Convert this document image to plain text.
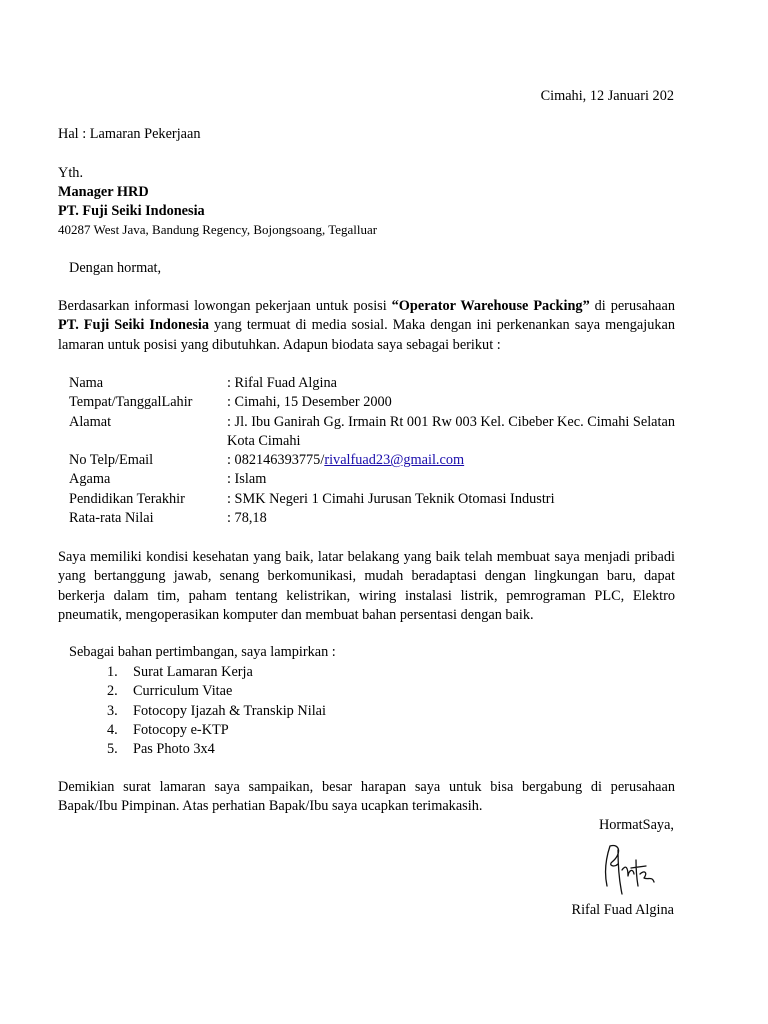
Cimahi, 12 Januari 202

Hal : Lamaran Pekerjaan

Yth.

Manager HRD

PT. Fuji Seiki Indonesia

40287 West Java, Bandung Regency, Bojongsoang, Tegalluar

Dengan hormat,

Berdasarkan informasi lowongan pekerjaan untuk posisi “Operator Warehouse Packing” di perusahaan PT. Fuji Seiki Indonesia yang termuat di media sosial. Maka dengan ini perkenankan saya mengajukan lamaran untuk posisi yang dibutuhkan. Adapun biodata saya sebagai berikut :

Nama	: Rifal Fuad Algina
Tempat/TanggalLahir	: Cimahi, 15 Desember 2000
Alamat	: Jl. Ibu Ganirah Gg. Irmain Rt 001 Rw 003 Kel. Cibeber Kec. Cimahi Selatan Kota Cimahi
No Telp/Email	: 082146393775/rivalfuad23@gmail.com
Agama	: Islam
Pendidikan Terakhir	: SMK Negeri 1 Cimahi Jurusan Teknik Otomasi Industri
Rata-rata Nilai	: 78,18

Saya memiliki kondisi kesehatan yang baik, latar belakang yang baik telah membuat saya menjadi pribadi yang bertanggung jawab, senang berkomunikasi, mudah beradaptasi dengan lingkungan baru, dapat berkerja dalam tim, paham tentang kelistrikan, wiring instalasi listrik, pemrograman PLC, Elektro pneumatik, mengoperasikan komputer dan membuat bahan persentasi dengan baik.

Sebagai bahan pertimbangan, saya lampirkan :

1.	Surat Lamaran Kerja
2.	Curriculum Vitae
3.	Fotocopy Ijazah & Transkip Nilai
4.	Fotocopy e-KTP
5.	Pas Photo 3x4

Demikian surat lamaran saya sampaikan, besar harapan saya untuk bisa bergabung di perusahaan Bapak/Ibu Pimpinan. Atas perhatian Bapak/Ibu saya ucapkan terimakasih.

HormatSaya,

Rifal Fuad Algina
